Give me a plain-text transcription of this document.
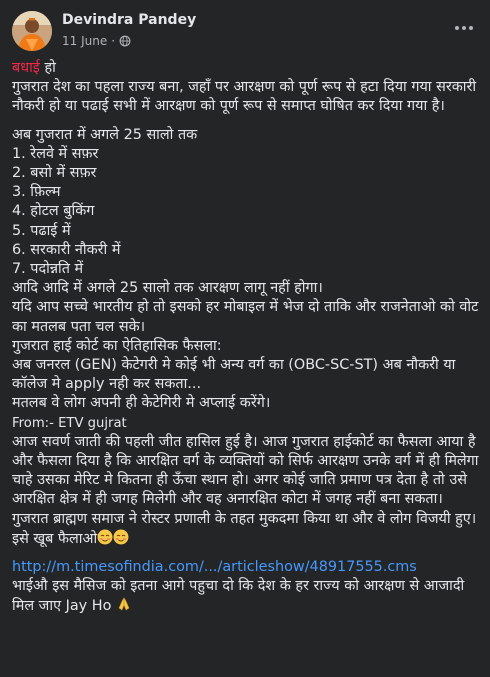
Devindra Pandey
11 June ·

बधाई हो

गुजरात देश का पहला राज्य बना, जहाँ पर आरक्षण को पूर्ण रूप से हटा दिया गया सरकारी नौकरी हो या पढाई सभी में आरक्षण को पूर्ण रूप से समाप्त घोषित कर दिया गया है।

अब गुजरात में अगले 25 सालो तक

1. रेलवे में सफ़र

2. बसो में सफ़र

3. फ़िल्म

4. होटल बुकिंग

5. पढाई में

6. सरकारी नौकरी में

7. पदोन्नति में

आदि आदि में अगले 25 सालो तक आरक्षण लागू नहीं होगा।

यदि आप सच्चे भारतीय हो तो इसको हर मोबाइल में भेज दो ताकि और राजनेताओ को वोट का मतलब पता चल सके।

गुजरात हाई कोर्ट का ऐतिहासिक फैसला:

अब जनरल (GEN) केटेगरी मे कोई भी अन्य वर्ग का (OBC-SC-ST) अब नौकरी या कॉलेज मे apply नही कर सकता...

मतलब वे लोग अपनी ही केटेगिरी मे अप्लाई करेंगे।

From:- ETV gujrat

आज सवर्ण जाती की पहली जीत हासिल हुई है। आज गुजरात हाईकोर्ट का फैसला आया है और फैसला दिया है कि आरक्षित वर्ग के व्यक्तियों को सिर्फ आरक्षण उनके वर्ग में ही मिलेगा चाहे उसका मेरिट मे कितना ही ऊँचा स्थान हो। अगर कोई जाति प्रमाण पत्र देता है तो उसे आरक्षित क्षेत्र में ही जगह मिलेगी और वह अनारक्षित कोटा में जगह नहीं बना सकता। गुजरात ब्राह्मण समाज ने रोस्टर प्रणाली के तहत मुकदमा किया था और वे लोग विजयी हुए।

इसे खूब फैलाओ

http://m.timesofindia.com/.../articleshow/48917555.cms

भाईऔ इस मैसिज को इतना आगे पहुचा दो कि देश के हर राज्य को आरक्षण से आजादी मिल जाए Jay Ho
